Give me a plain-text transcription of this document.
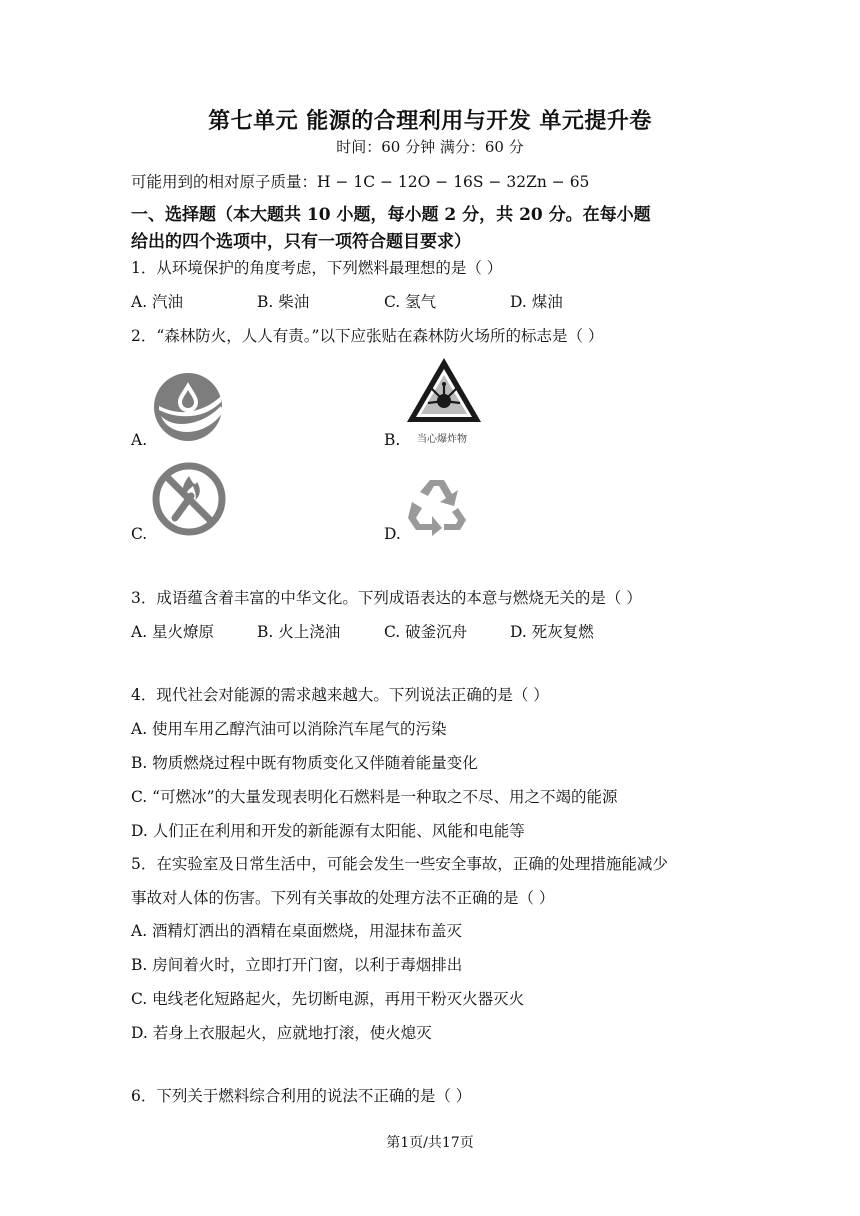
第七单元 能源的合理利用与开发 单元提升卷
时间：60 分钟 满分：60 分
可能用到的相对原子质量：H − 1C − 12O − 16S − 32Zn − 65
一、选择题（本大题共 10 小题，每小题 2 分，共 20 分。在每小题
给出的四个选项中，只有一项符合题目要求）
1．从环境保护的角度考虑，下列燃料最理想的是（ ）
A. 汽油	B. 柴油	C. 氢气	D. 煤油
2．“森林防火，人人有责。”以下应张贴在森林防火场所的标志是（ ）
A.	当心爆炸物
B.
C.	D.
3．成语蕴含着丰富的中华文化。下列成语表达的本意与燃烧无关的是（ ）
A. 星火燎原	B. 火上浇油	C. 破釜沉舟	D. 死灰复燃
4．现代社会对能源的需求越来越大。下列说法正确的是（ ）
A. 使用车用乙醇汽油可以消除汽车尾气的污染
B. 物质燃烧过程中既有物质变化又伴随着能量变化
C. “可燃冰”的大量发现表明化石燃料是一种取之不尽、用之不竭的能源
D. 人们正在利用和开发的新能源有太阳能、风能和电能等
5．在实验室及日常生活中，可能会发生一些安全事故，正确的处理措施能减少
事故对人体的伤害。下列有关事故的处理方法不正确的是（ ）
A. 酒精灯洒出的酒精在桌面燃烧，用湿抹布盖灭
B. 房间着火时，立即打开门窗，以利于毒烟排出
C. 电线老化短路起火，先切断电源，再用干粉灭火器灭火
D. 若身上衣服起火，应就地打滚，使火熄灭
6．下列关于燃料综合利用的说法不正确的是（ ）
第1页/共17页
